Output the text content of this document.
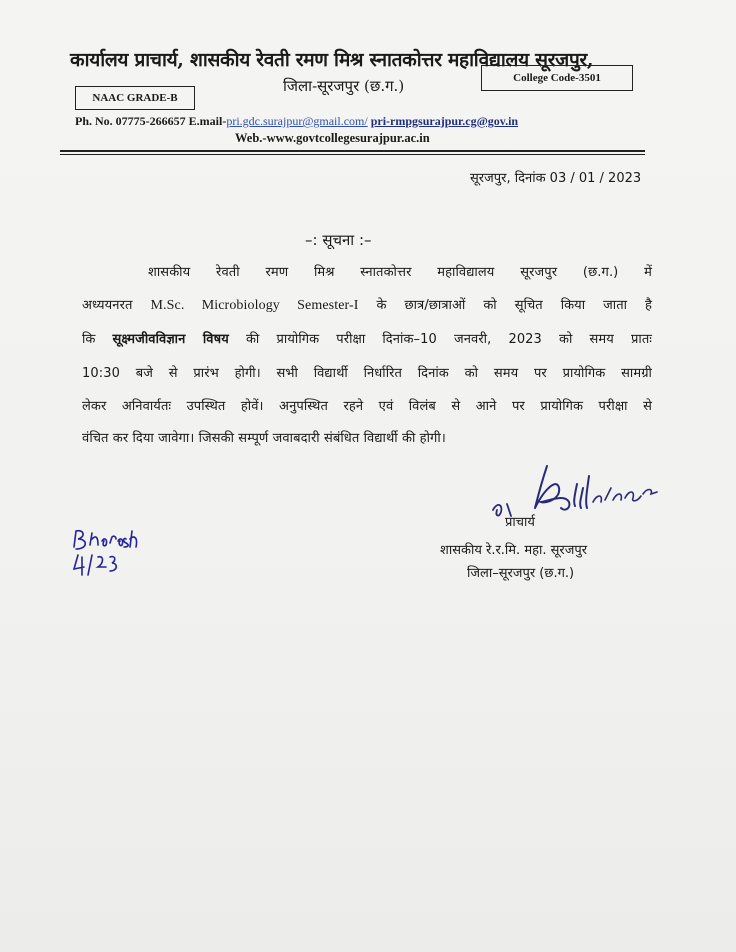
कार्यालय प्राचार्य, शासकीय रेवती रमण मिश्र स्नातकोत्तर महाविद्यालय सूरजपुर,
जिला-सूरजपुर (छ.ग.)
NAAC GRADE-B
College Code-3501
Ph. No. 07775-266657 E.mail-pri.gdc.surajpur@gmail.com/ pri-rmpgsurajpur.cg@gov.in
Web.-www.govtcollegesurajpur.ac.in
सूरजपुर, दिनांक 03 / 01 / 2023
–: सूचना :–
शासकीय रेवती रमण मिश्र स्नातकोत्तर महाविद्यालय सूरजपुर (छ.ग.) में
अध्ययनरत M.Sc. Microbiology Semester-I के छात्र/छात्राओं को सूचित किया जाता है
कि सूक्ष्मजीवविज्ञान विषय की प्रायोगिक परीक्षा दिनांक–10 जनवरी, 2023 को समय प्रातः
10:30 बजे से प्रारंभ होगी। सभी विद्यार्थी निर्धारित दिनांक को समय पर प्रायोगिक सामग्री
लेकर अनिवार्यतः उपस्थित होवें। अनुपस्थित रहने एवं विलंब से आने पर प्रायोगिक परीक्षा से
वंचित कर दिया जावेगा। जिसकी सम्पूर्ण जवाबदारी संबंधित विद्यार्थी की होगी।
प्राचार्य
शासकीय रे.र.मि. महा. सूरजपुर
जिला–सूरजपुर (छ.ग.)
